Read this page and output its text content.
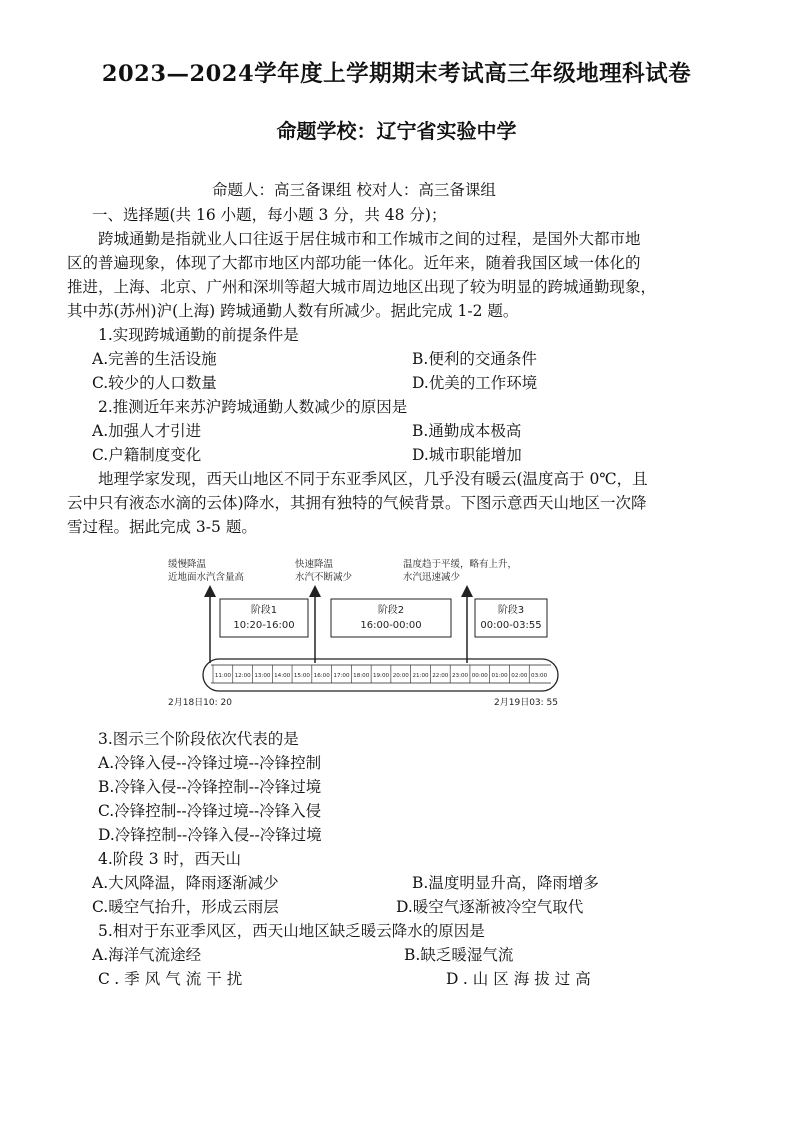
2023—2024学年度上学期期末考试高三年级地理科试卷
命题学校：辽宁省实验中学
命题人：高三备课组 校对人：高三备课组
一、选择题(共 16 小题，每小题 3 分，共 48 分)；
跨城通勤是指就业人口往返于居住城市和工作城市之间的过程，是国外大都市地
区的普遍现象，体现了大都市地区内部功能一体化。近年来，随着我国区域一体化的
推进，上海、北京、广州和深圳等超大城市周边地区出现了较为明显的跨城通勤现象，
其中苏(苏州)沪(上海) 跨城通勤人数有所减少。据此完成 1-2 题。
1.实现跨城通勤的前提条件是
A.完善的生活设施	B.便利的交通条件
C.较少的人口数量	D.优美的工作环境
2.推测近年来苏沪跨城通勤人数减少的原因是
A.加强人才引进	B.通勤成本极高
C.户籍制度变化	D.城市职能增加
地理学家发现，西天山地区不同于东亚季风区，几乎没有暖云(温度高于 0℃，且
云中只有液态水滴的云体)降水，其拥有独特的气候背景。下图示意西天山地区一次降
雪过程。据此完成 3-5 题。
缓慢降温
近地面水汽含量高
快速降温
水汽不断减少
温度趋于平缓，略有上升，
水汽迅速减少
阶段1
10:20-16:00
阶段2
16:00-00:00
阶段3
00:00-03:55
11:00 12:00 13:00 14:00 15:00 16:00 17:00 18:00 19:00 20:00 21:00 22:00 23:00 00:00 01:00 02:00 03:00
2月18日10: 20	2月19日03: 55
3.图示三个阶段依次代表的是
A.冷锋入侵--冷锋过境--冷锋控制
B.冷锋入侵--冷锋控制--冷锋过境
C.冷锋控制--冷锋过境--冷锋入侵
D.冷锋控制--冷锋入侵--冷锋过境
4.阶段 3 时，西天山
A.大风降温，降雨逐渐减少	B.温度明显升高，降雨增多
C.暖空气抬升，形成云雨层	D.暖空气逐渐被冷空气取代
5.相对于东亚季风区，西天山地区缺乏暖云降水的原因是
A.海洋气流途经	B.缺乏暖湿气流
C.季风气流干扰	D.山区海拔过高
